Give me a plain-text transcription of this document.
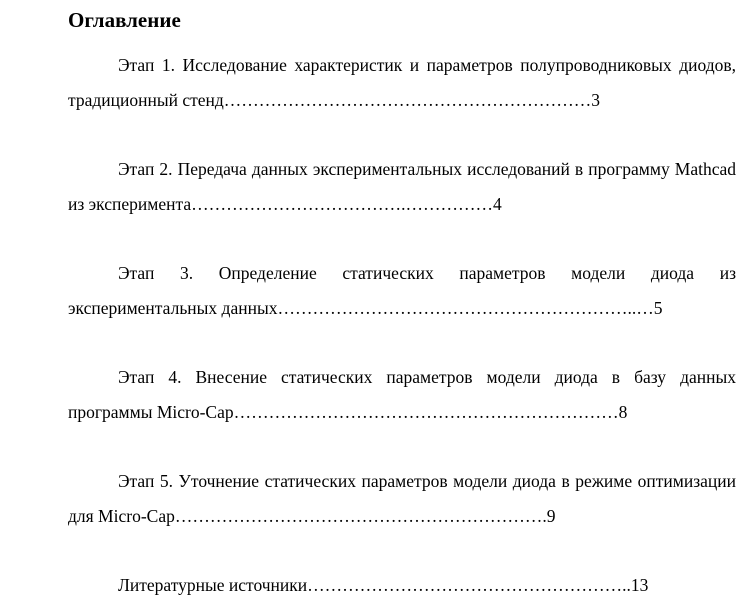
Оглавление
Этап 1. Исследование характеристик и параметров полупроводниковых диодов, традиционный стенд………………………………………………………3
Этап 2. Передача данных экспериментальных исследований в программу Mathcad из эксперимента……………………………….……………4
Этап 3. Определение статических параметров модели диода из экспериментальных данных……………………………………………………..…5
Этап 4. Внесение статических параметров модели диода в базу данных программы Micro-Cap…………………………………………………………8
Этап 5. Уточнение статических параметров модели диода в режиме оптимизации для Micro-Cap……………………………………………………….9
Литературные источники………………………………………………..13
